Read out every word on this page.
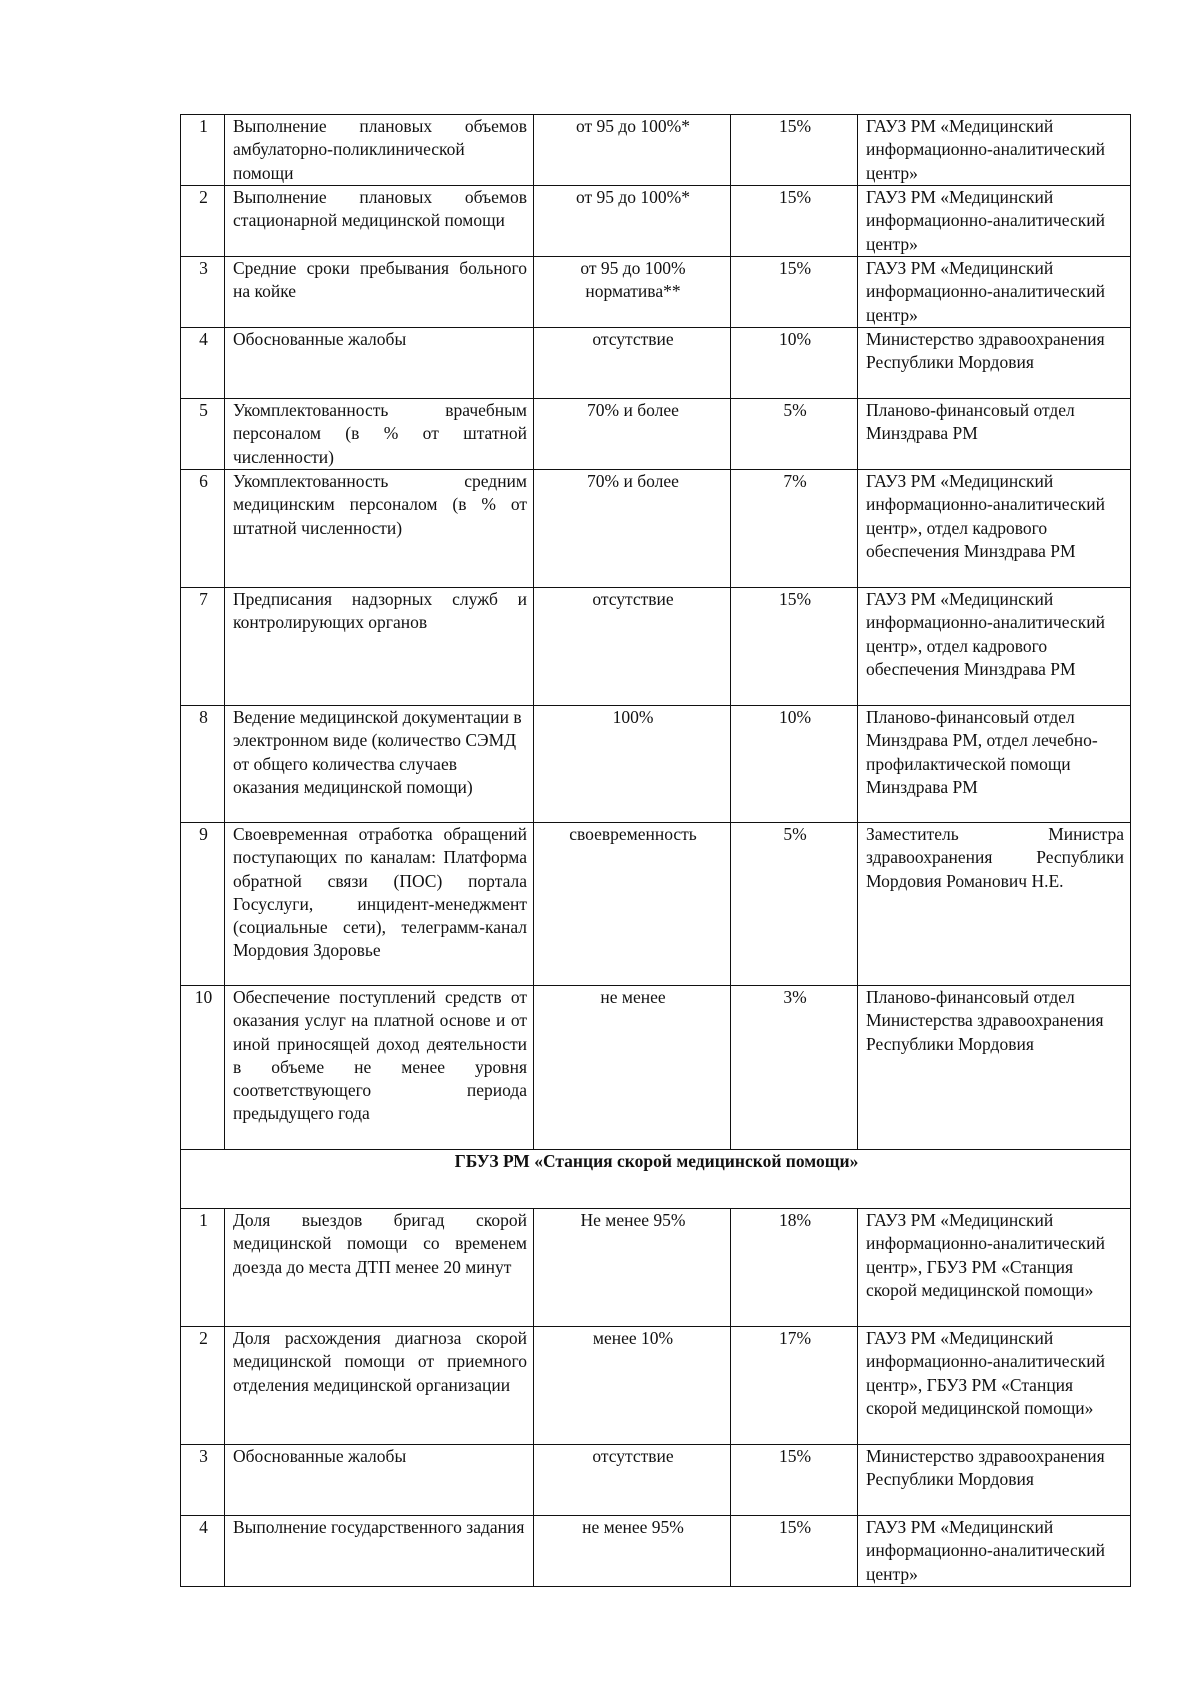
1	Выполнение плановых объемов амбулаторно-поликлинической помощи	от 95 до 100%*	15%	ГАУЗ РМ «Медицинский информационно-аналитический центр»
2	Выполнение плановых объемов стационарной медицинской помощи	от 95 до 100%*	15%	ГАУЗ РМ «Медицинский информационно-аналитический центр»
3	Средние сроки пребывания больного на койке	от 95 до 100% норматива**	15%	ГАУЗ РМ «Медицинский информационно-аналитический центр»
4	Обоснованные жалобы	отсутствие	10%	Министерство здравоохранения Республики Мордовия
5	Укомплектованность врачебным персоналом (в % от штатной численности)	70% и более	5%	Планово-финансовый отдел Минздрава РМ
6	Укомплектованность средним медицинским персоналом (в % от штатной численности)	70% и более	7%	ГАУЗ РМ «Медицинский информационно-аналитический центр», отдел кадрового обеспечения Минздрава РМ
7	Предписания надзорных служб и контролирующих органов	отсутствие	15%	ГАУЗ РМ «Медицинский информационно-аналитический центр», отдел кадрового обеспечения Минздрава РМ
8	Ведение медицинской документации в электронном виде (количество СЭМД от общего количества случаев оказания медицинской помощи)	100%	10%	Планово-финансовый отдел Минздрава РМ, отдел лечебно-профилактической помощи Минздрава РМ
9	Своевременная отработка обращений поступающих по каналам: Платформа обратной связи (ПОС) портала Госуслуги, инцидент-менеджмент (социальные сети), телеграмм-канал Мордовия Здоровье	своевременность	5%	Заместитель Министра здравоохранения Республики Мордовия Романович Н.Е.
10	Обеспечение поступлений средств от оказания услуг на платной основе и от иной приносящей доход деятельности в объеме не менее уровня соответствующего периода предыдущего года	не менее	3%	Планово-финансовый отдел Министерства здравоохранения Республики Мордовия
ГБУЗ РМ «Станция скорой медицинской помощи»				
1	Доля выездов бригад скорой медицинской помощи со временем доезда до места ДТП менее 20 минут	Не менее 95%	18%	ГАУЗ РМ «Медицинский информационно-аналитический центр», ГБУЗ РМ «Станция скорой медицинской помощи»
2	Доля расхождения диагноза скорой медицинской помощи от приемного отделения медицинской организации	менее 10%	17%	ГАУЗ РМ «Медицинский информационно-аналитический центр», ГБУЗ РМ «Станция скорой медицинской помощи»
3	Обоснованные жалобы	отсутствие	15%	Министерство здравоохранения Республики Мордовия
4	Выполнение государственного задания	не менее 95%	15%	ГАУЗ РМ «Медицинский информационно-аналитический центр»
